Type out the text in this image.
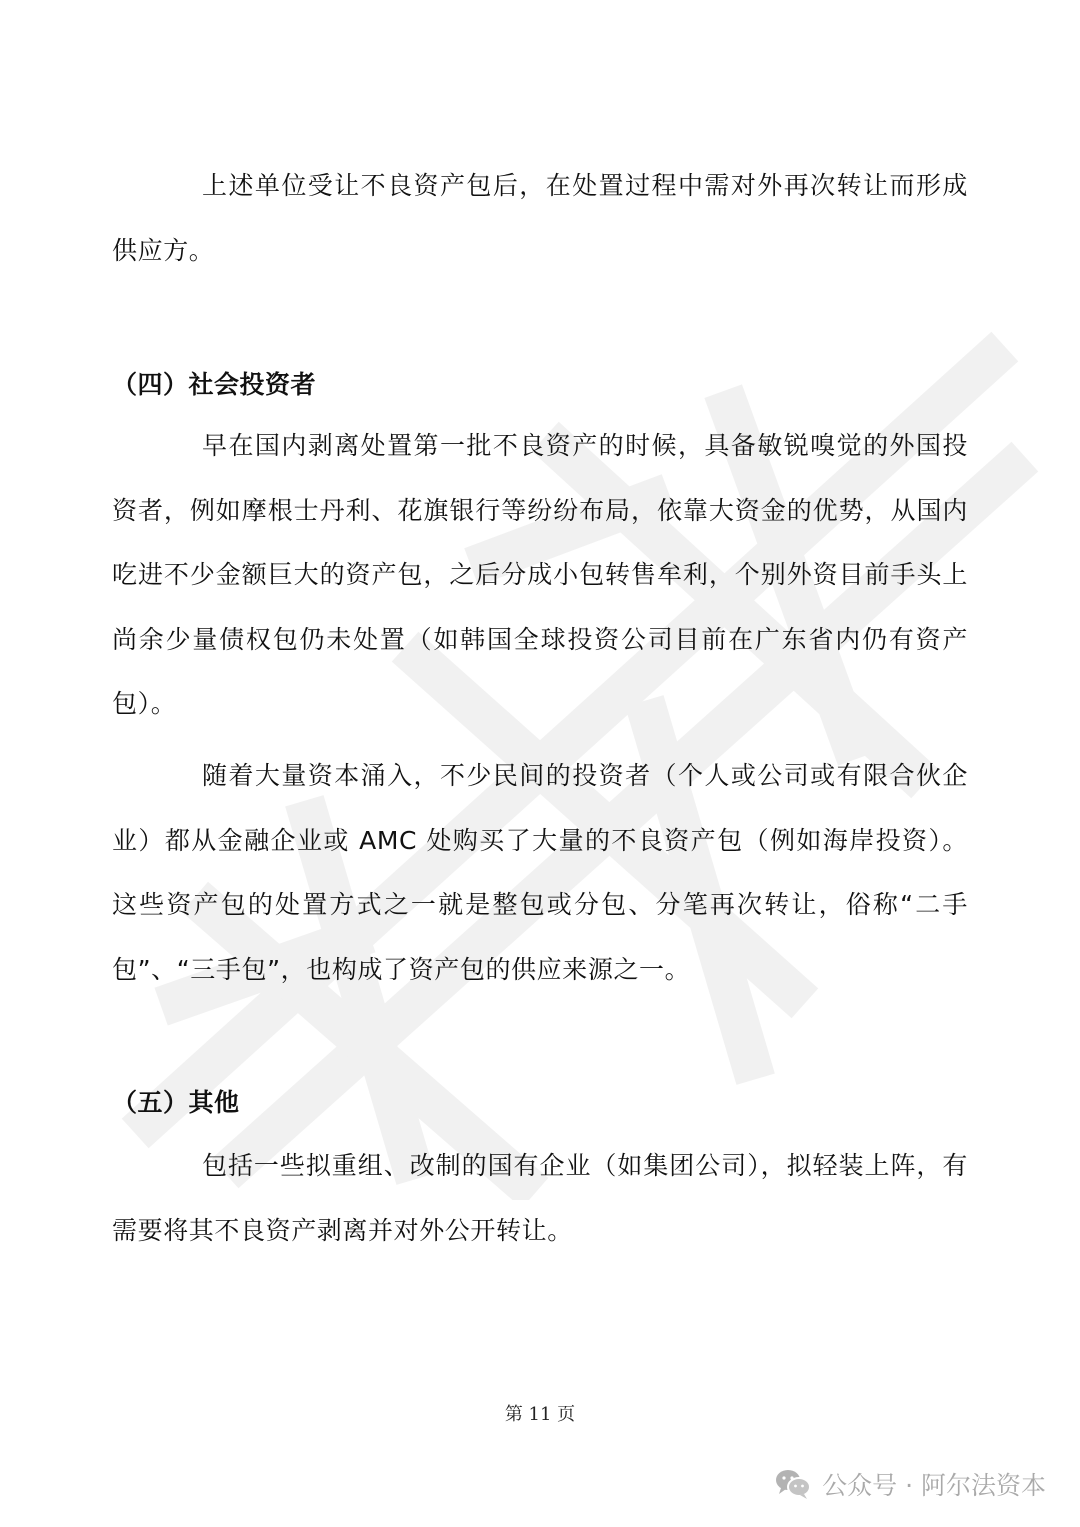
上述单位受让不良资产包后，在处置过程中需对外再次转让而形成供应方。

（四）社会投资者

早在国内剥离处置第一批不良资产的时候，具备敏锐嗅觉的外国投资者，例如摩根士丹利、花旗银行等纷纷布局，依靠大资金的优势，从国内吃进不少金额巨大的资产包，之后分成小包转售牟利，个别外资目前手头上尚余少量债权包仍未处置（如韩国全球投资公司目前在广东省内仍有资产包）。

随着大量资本涌入，不少民间的投资者（个人或公司或有限合伙企业）都从金融企业或 AMC 处购买了大量的不良资产包（例如海岸投资）。这些资产包的处置方式之一就是整包或分包、分笔再次转让，俗称“二手包”、“三手包”，也构成了资产包的供应来源之一。

（五）其他

包括一些拟重组、改制的国有企业（如集团公司），拟轻装上阵，有需要将其不良资产剥离并对外公开转让。

第 11 页
公众号 · 阿尔法资本
